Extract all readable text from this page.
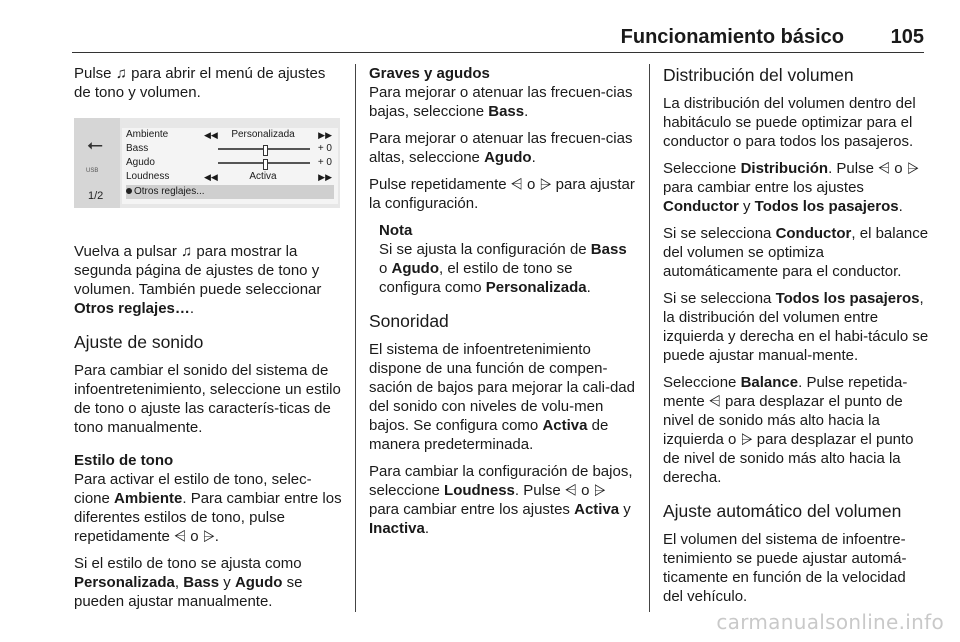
Funcionamiento básico 105

Pulse ♫ para abrir el menú de ajustes de tono y volumen.

⭠
USB
1/2
Ambiente	◀◀	Personalizada	▶▶
Bass	+ 0
Agudo	+ 0
Loudness	◀◀	Activa	▶▶
Otros reglajes...

Vuelva a pulsar ♫ para mostrar la segunda página de ajustes de tono y volumen. También puede seleccionar Otros reglajes….

Ajuste de sonido

Para cambiar el sonido del sistema de infoentretenimiento, seleccione un estilo de tono o ajuste las caracterís-ticas de tono manualmente.

Estilo de tono

Para activar el estilo de tono, selec-cione Ambiente. Para cambiar entre los diferentes estilos de tono, pulse repetidamente ⩤ o ⩥.

Si el estilo de tono se ajusta como Personalizada, Bass y Agudo se pueden ajustar manualmente.

Graves y agudos

Para mejorar o atenuar las frecuen-cias bajas, seleccione Bass.

Para mejorar o atenuar las frecuen-cias altas, seleccione Agudo.

Pulse repetidamente ⩤ o ⩥ para ajustar la configuración.

Nota
Si se ajusta la configuración de Bass o Agudo, el estilo de tono se configura como Personalizada.
Sonoridad

El sistema de infoentretenimiento dispone de una función de compen-sación de bajos para mejorar la cali-dad del sonido con niveles de volu-men bajos. Se configura como Activa de manera predeterminada.

Para cambiar la configuración de bajos, seleccione Loudness. Pulse ⩤ o ⩥ para cambiar entre los ajustes Activa y Inactiva.

Distribución del volumen

La distribución del volumen dentro del habitáculo se puede optimizar para el conductor o para todos los pasajeros.

Seleccione Distribución. Pulse ⩤ o ⩥ para cambiar entre los ajustes Conductor y Todos los pasajeros.

Si se selecciona Conductor, el balance del volumen se optimiza automáticamente para el conductor.

Si se selecciona Todos los pasajeros, la distribución del volumen entre izquierda y derecha en el habi-táculo se puede ajustar manual-mente.

Seleccione Balance. Pulse repetida-mente ⩤ para desplazar el punto de nivel de sonido más alto hacia la izquierda o ⩥ para desplazar el punto de nivel de sonido más alto hacia la derecha.

Ajuste automático del volumen

El volumen del sistema de infoentre-tenimiento se puede ajustar automá-ticamente en función de la velocidad del vehículo.

carmanualsonline.info
